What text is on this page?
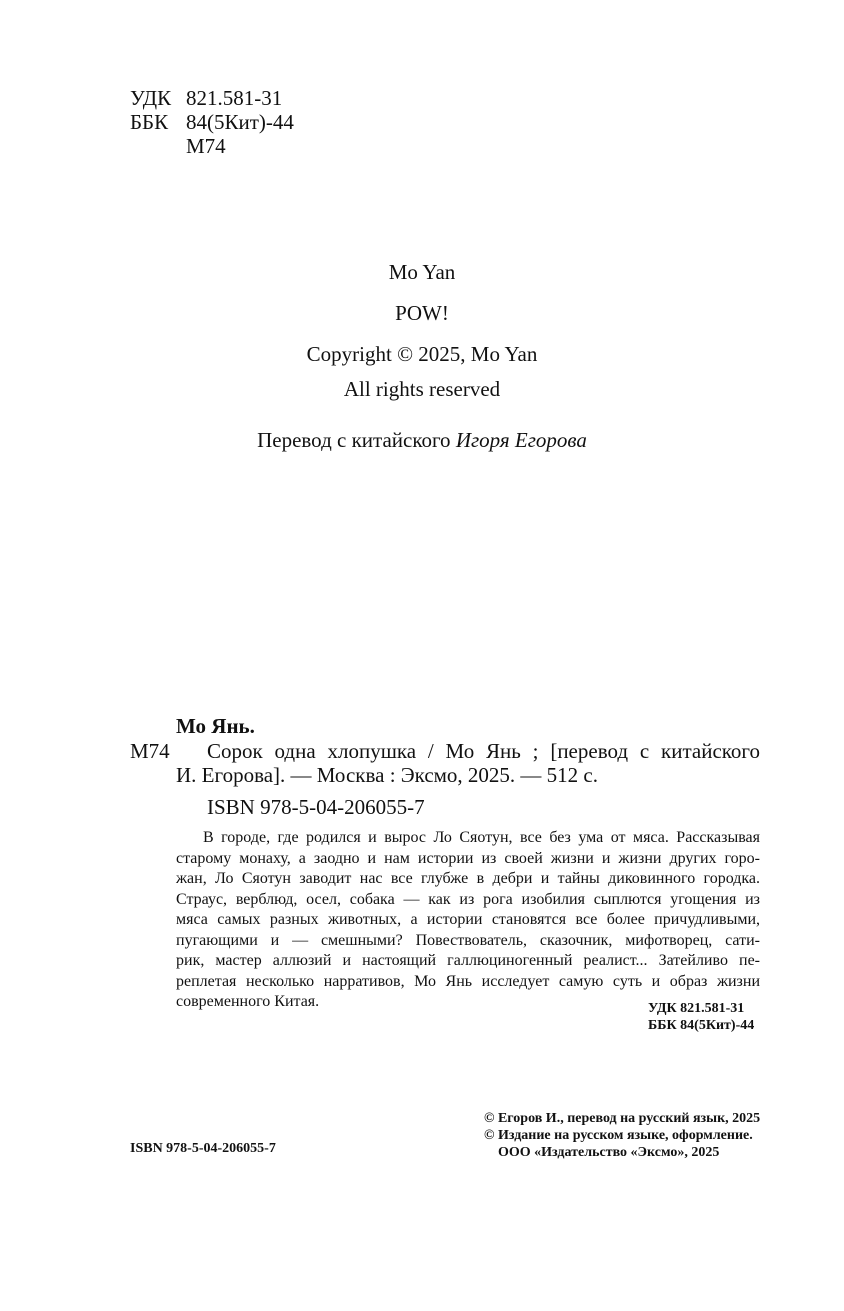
УДК 821.581-31
ББК 84(5Кит)-44
М74
Mo Yan
POW!
Copyright © 2025, Mo Yan
All rights reserved
Перевод с китайского Игоря Егорова
Мо Янь.
М74 Сорок одна хлопушка / Мо Янь ; [перевод с китайского
И. Егорова]. — Москва : Эксмо, 2025. — 512 с.
ISBN 978-5-04-206055-7
В городе, где родился и вырос Ло Сяотун, все без ума от мяса. Рассказывая
старому монаху, а заодно и нам истории из своей жизни и жизни других горо-
жан, Ло Сяотун заводит нас все глубже в дебри и тайны диковинного городка.
Страус, верблюд, осел, собака — как из рога изобилия сыплются угощения из
мяса самых разных животных, а истории становятся все более причудливыми,
пугающими и — смешными? Повествователь, сказочник, мифотворец, сати-
рик, мастер аллюзий и настоящий галлюциногенный реалист... Затейливо пе-
реплетая несколько нарративов, Мо Янь исследует самую суть и образ жизни
современного Китая.	УДК 821.581-31
ББК 84(5Кит)-44
ISBN 978-5-04-206055-7
© Егоров И., перевод на русский язык, 2025
© Издание на русском языке, оформление.
ООО «Издательство «Эксмо», 2025
